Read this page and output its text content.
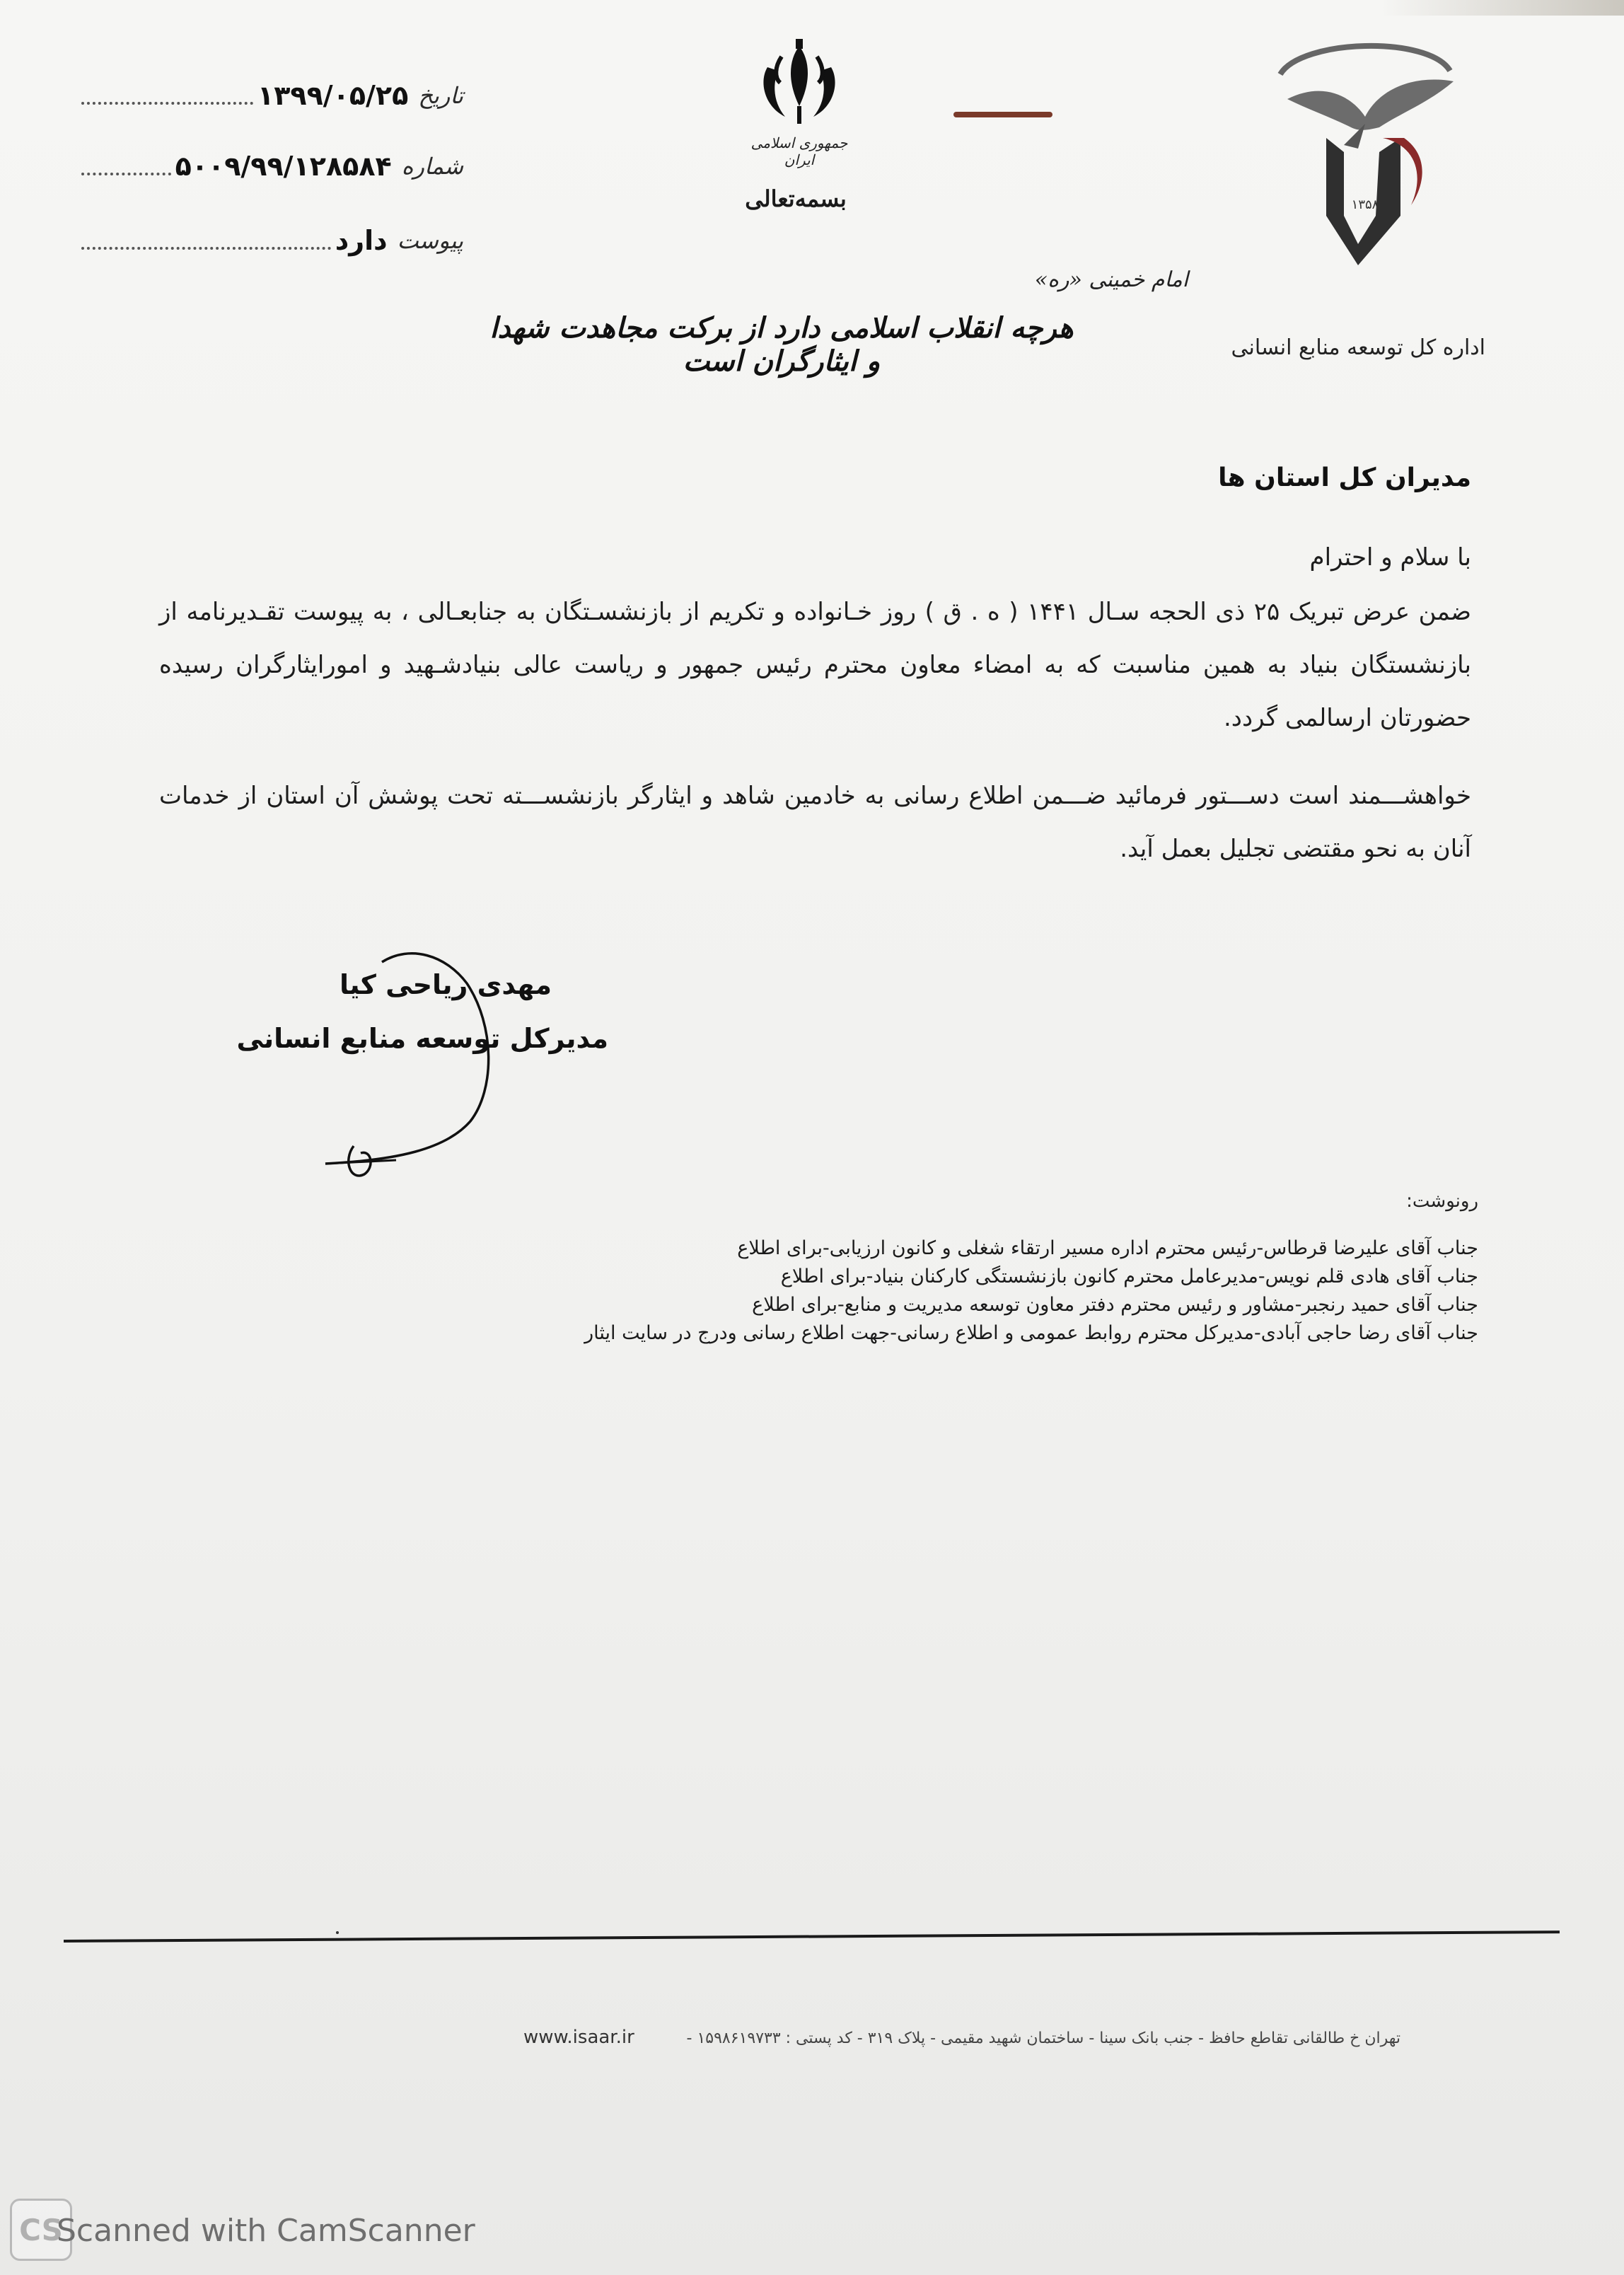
تاریخ
۱۳۹۹/۰۵/۲۵
شماره
۵۰۰۹/۹۹/۱۲۸۵۸۴
پیوست
دارد
جمهوری اسلامی ایران
بسمه‌تعالی	۱۳۵۸
اداره کل توسعه منابع انسانی
امام خمینی «ره»
هرچه انقلاب اسلامی دارد از برکت مجاهدت شهدا و ایثارگران است
مدیران کل استان ها
با سلام و احترام
ضمن عرض تبریک ۲۵ ذی الحجه سـال ۱۴۴۱ ( ه . ق ) روز خـانواده و تکریم از بازنشسـتگان به جنابعـالی ، به پیوست تقـدیرنامه از بازنشستگان بنیاد به همین مناسبت که به امضاء معاون محترم رئیس جمهور و ریاست عالی بنیادشـهید و امورایثارگران رسیده حضورتان ارسالمی گردد.
خواهشـــمند است دســـتور فرمائید ضـــمن اطلاع رسانی به خادمین شاهد و ایثارگر بازنشســـته تحت پوشش آن استان از خدمات آنان به نحو مقتضی تجلیل بعمل آید.
مهدی ریاحی کیا
مدیرکل توسعه منابع انسانی
رونوشت:
جناب آقای علیرضا قرطاس-رئیس محترم اداره مسیر ارتقاء شغلی و کانون ارزیابی-برای اطلاع
جناب آقای هادی قلم نویس-مدیرعامل محترم کانون بازنشستگی کارکنان بنیاد-برای اطلاع
جناب آقای حمید رنجبر-مشاور و رئیس محترم دفتر معاون توسعه مدیریت و منابع-برای اطلاع
جناب آقای رضا حاجی آبادی-مدیرکل محترم روابط عمومی و اطلاع رسانی-جهت اطلاع رسانی ودرج در سایت ایثار
www.isaar.ir	تهران خ طالقانی تقاطع حافظ - جنب بانک سینا - ساختمان شهید مقیمی - پلاک ۳۱۹ - کد پستی : ۱۵۹۸۶۱۹۷۳۳ -
CS
Scanned with CamScanner
